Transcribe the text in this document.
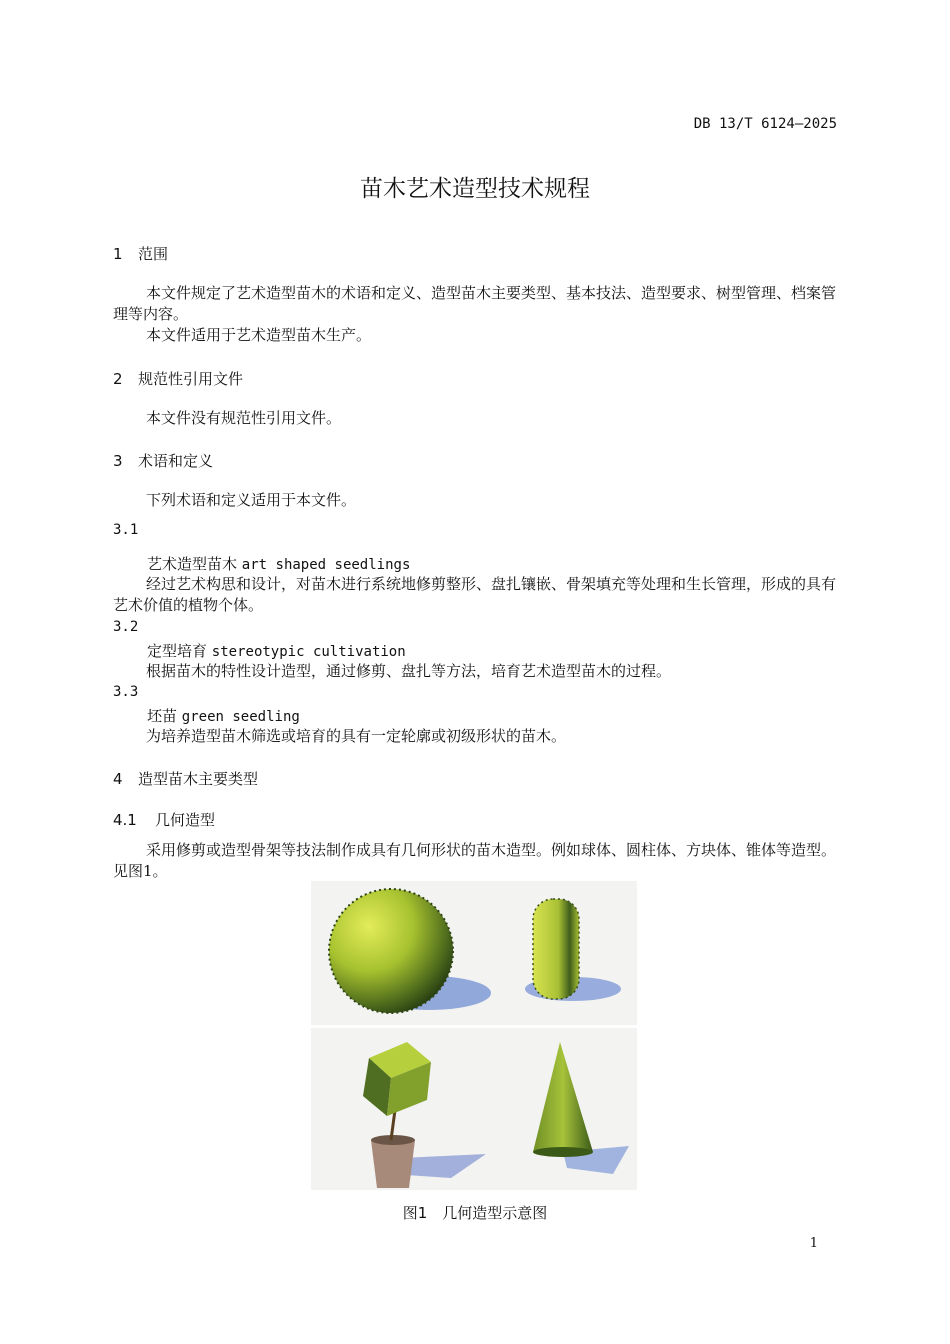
DB 13/T 6124—2025
苗木艺术造型技术规程
1 范围
本文件规定了艺术造型苗木的术语和定义、造型苗木主要类型、基本技法、造型要求、树型管理、档案管理等内容。
本文件适用于艺术造型苗木生产。
2 规范性引用文件
本文件没有规范性引用文件。
3 术语和定义
下列术语和定义适用于本文件。
3.1
艺术造型苗木 art shaped seedlings
经过艺术构思和设计，对苗木进行系统地修剪整形、盘扎镶嵌、骨架填充等处理和生长管理，形成的具有艺术价值的植物个体。
3.2
定型培育 stereotypic cultivation
根据苗木的特性设计造型，通过修剪、盘扎等方法，培育艺术造型苗木的过程。
3.3
坯苗 green seedling
为培养造型苗木筛选或培育的具有一定轮廓或初级形状的苗木。
4 造型苗木主要类型
4.1 几何造型
采用修剪或造型骨架等技法制作成具有几何形状的苗木造型。例如球体、圆柱体、方块体、锥体等造型。见图1。
图1　几何造型示意图
1
